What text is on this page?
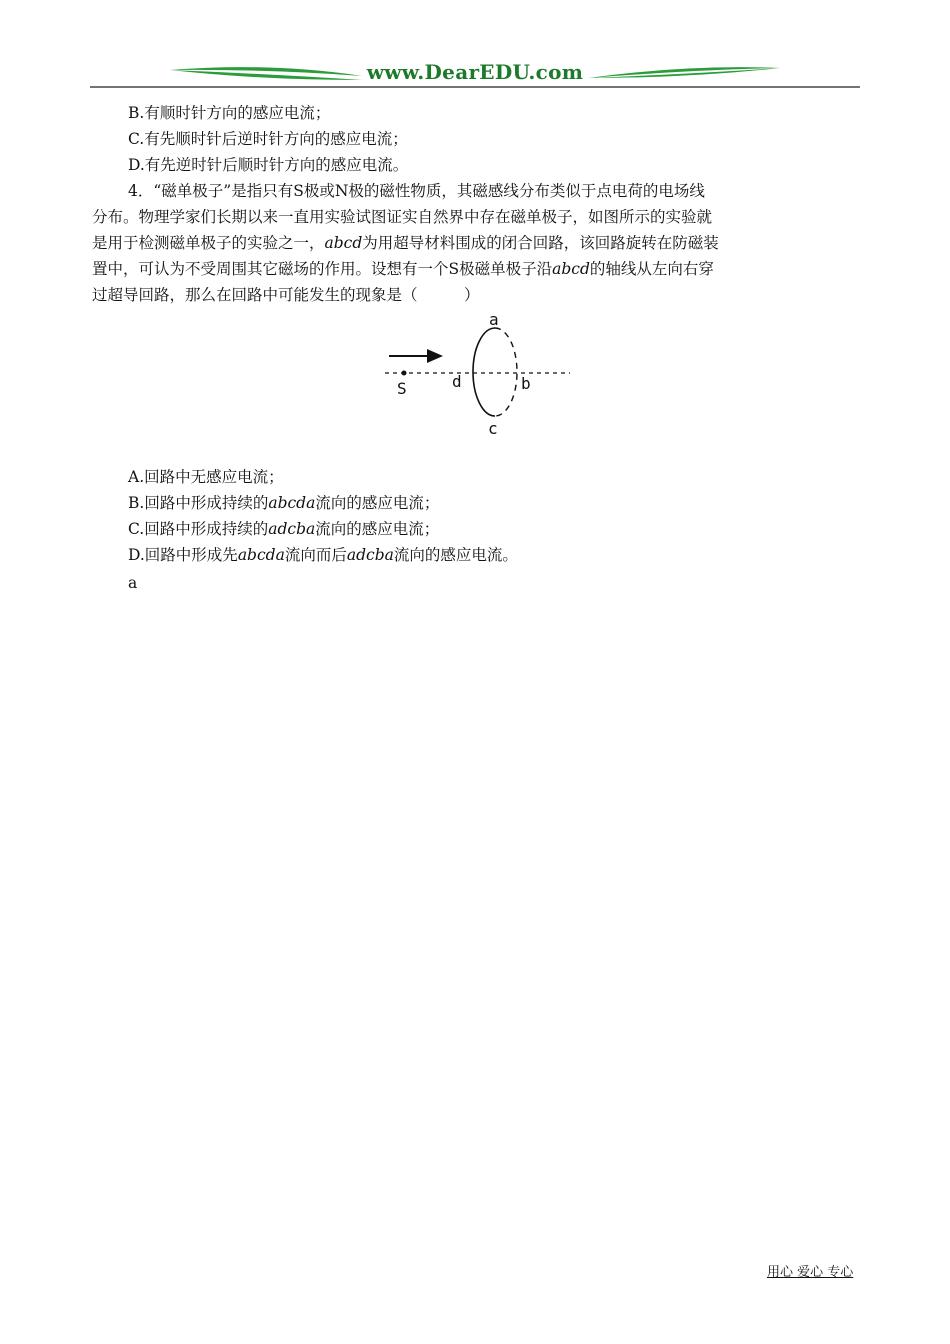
www.DearEDU.com
B.有顺时针方向的感应电流；
C.有先顺时针后逆时针方向的感应电流；
D.有先逆时针后顺时针方向的感应电流。
4．“磁单极子”是指只有S极或N极的磁性物质，其磁感线分布类似于点电荷的电场线
分布。物理学家们长期以来一直用实验试图证实自然界中存在磁单极子，如图所示的实验就
是用于检测磁单极子的实验之一，abcd为用超导材料围成的闭合回路，该回路旋转在防磁装
置中，可认为不受周围其它磁场的作用。设想有一个S极磁单极子沿abcd的轴线从左向右穿
过超导回路，那么在回路中可能发生的现象是（　　　）
A.回路中无感应电流；
B.回路中形成持续的abcda流向的感应电流；
C.回路中形成持续的adcba流向的感应电流；
D.回路中形成先abcda流向而后adcba流向的感应电流。
a
a
b
c
d
S
用心 爱心 专心
